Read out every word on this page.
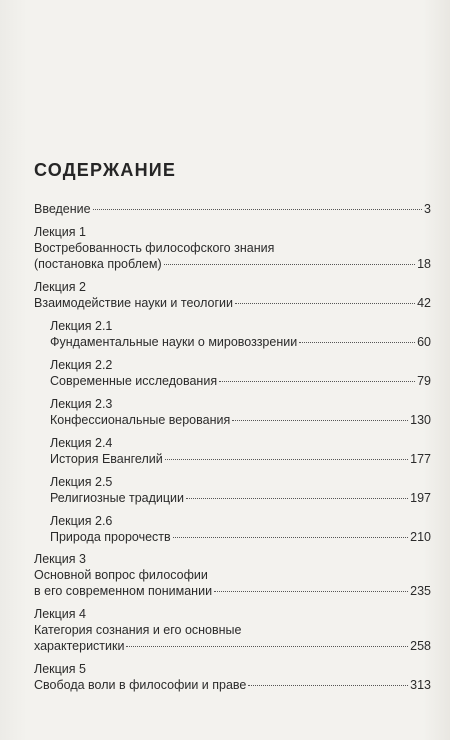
СОДЕРЖАНИЕ
Введение	3
Лекция 1
Востребованность философского знания
(постановка проблем)	18
Лекция 2
Взаимодействие науки и теологии	42
Лекция 2.1
Фундаментальные науки о мировоззрении	60
Лекция 2.2
Современные исследования	79
Лекция 2.3
Конфессиональные верования	130
Лекция 2.4
История Евангелий	177
Лекция 2.5
Религиозные традиции	197
Лекция 2.6
Природа пророчеств	210
Лекция 3
Основной вопрос философии
в его современном понимании	235
Лекция 4
Категория сознания и его основные
характеристики	258
Лекция 5
Свобода воли в философии и праве	313
